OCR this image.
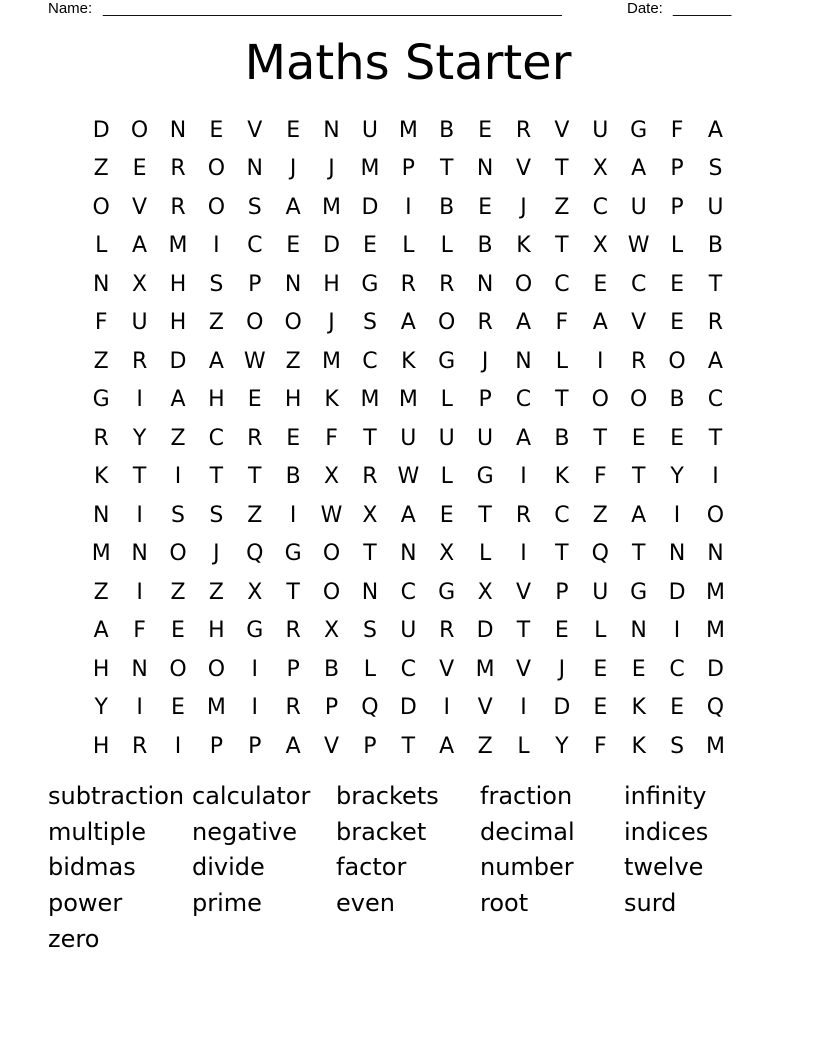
Name: _______________________________________________________	Date: _______
Maths Starter
D O N	E	V	E	N	U M B	E	R	V	U G	F	A
Z	E	R	O N	J	J	M	P	T	N	V	T	X	A	P	S
O	V	R	O	S	A M D	I	B	E	J	Z	C	U	P	U
L	A M	I	C	E	D	E	L	L	B	K	T	X W L	B
N	X	H	S	P	N H G	R	R	N O	C	E	C	E	T
F	U	H	Z	O O	J	S	A	O	R	A	F	A	V	E	R
Z	R	D	A W Z M C	K	G	J	N	L	I	R	O	A
G	I	A	H	E	H	K M M	L	P	C	T	O O	B	C
R	Y	Z	C	R	E	F	T	U	U	U	A	B	T	E	E	T
K	T	I	T	T	B	X	R W L	G	I	K	F	T	Y	I
N	I	S	S	Z	I	W X	A	E	T	R	C	Z	A	I	O
M N O	J	Q G O	T	N	X	L	I	T	Q	T	N N
Z	I	Z	Z	X	T	O N	C	G	X	V	P	U G D M
A	F	E	H G	R	X	S	U	R	D	T	E	L	N	I	M
H N O O	I	P	B	L	C	V M V	J	E	E	C	D
Y	I	E M	I	R	P	Q D	I	V	I	D	E	K	E	Q
H	R	I	P	P	A	V	P	T	A	Z	L	Y	F	K	S M
subtraction calculator	brackets	fraction	infinity
multiple	negative	bracket	decimal	indices
bidmas	divide	factor	number	twelve
power	prime	even	root	surd
zero
